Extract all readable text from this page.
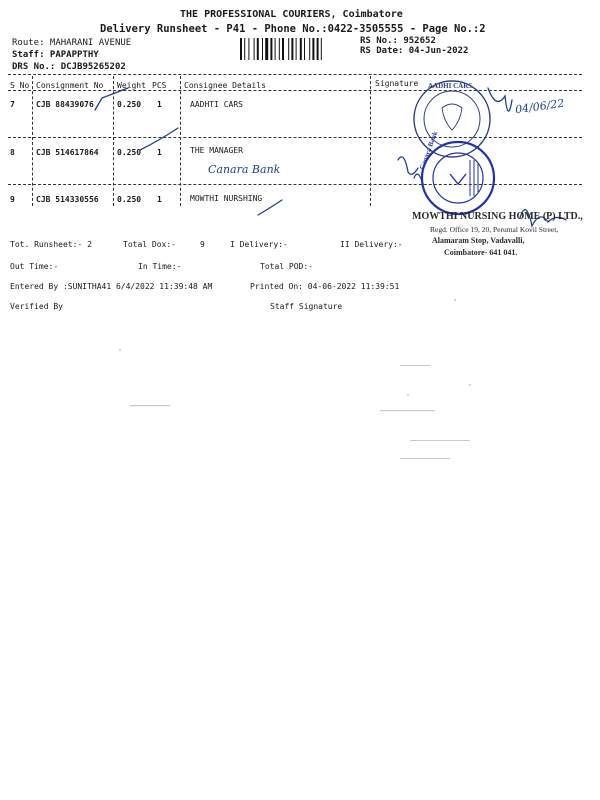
THE PROFESSIONAL COURIERS, Coimbatore
Delivery Runsheet - P41 - Phone No.:0422-3505555 - Page No.:2
Route: MAHARANI AVENUE
Staff: PAPAPPTHY
DRS No.: DCJB95265202
RS No.: 952652
RS Date: 04-Jun-2022
S No Consignment No Weight PCS Consignee Details	Signature
7	CJB 88439076	0.250 1	AADHTI CARS	04/06/22
8	CJB 514617864 0.250 1	THE MANAGER
Canara Bank
9	CJB 514330556 0.250 1	MOWTHI NURSHING
AADHI CARS
Canara Bank
MOWTHI NURSING HOME (P) LTD.,
Regd. Office 19, 20, Perumal Kovil Street,
Alamaram Stop, Vadavalli,
Coimbatore- 641 041.
Tot. Runsheet:- 2	Total Dox:-	9	I Delivery:-	II Delivery:-
Out Time:-	In Time:-	Total POD:-
Entered By :SUNITHA41 6/4/2022 11:39:48 AM	Printed On: 04-06-2022 11:39:51
Verified By	Staff Signature
